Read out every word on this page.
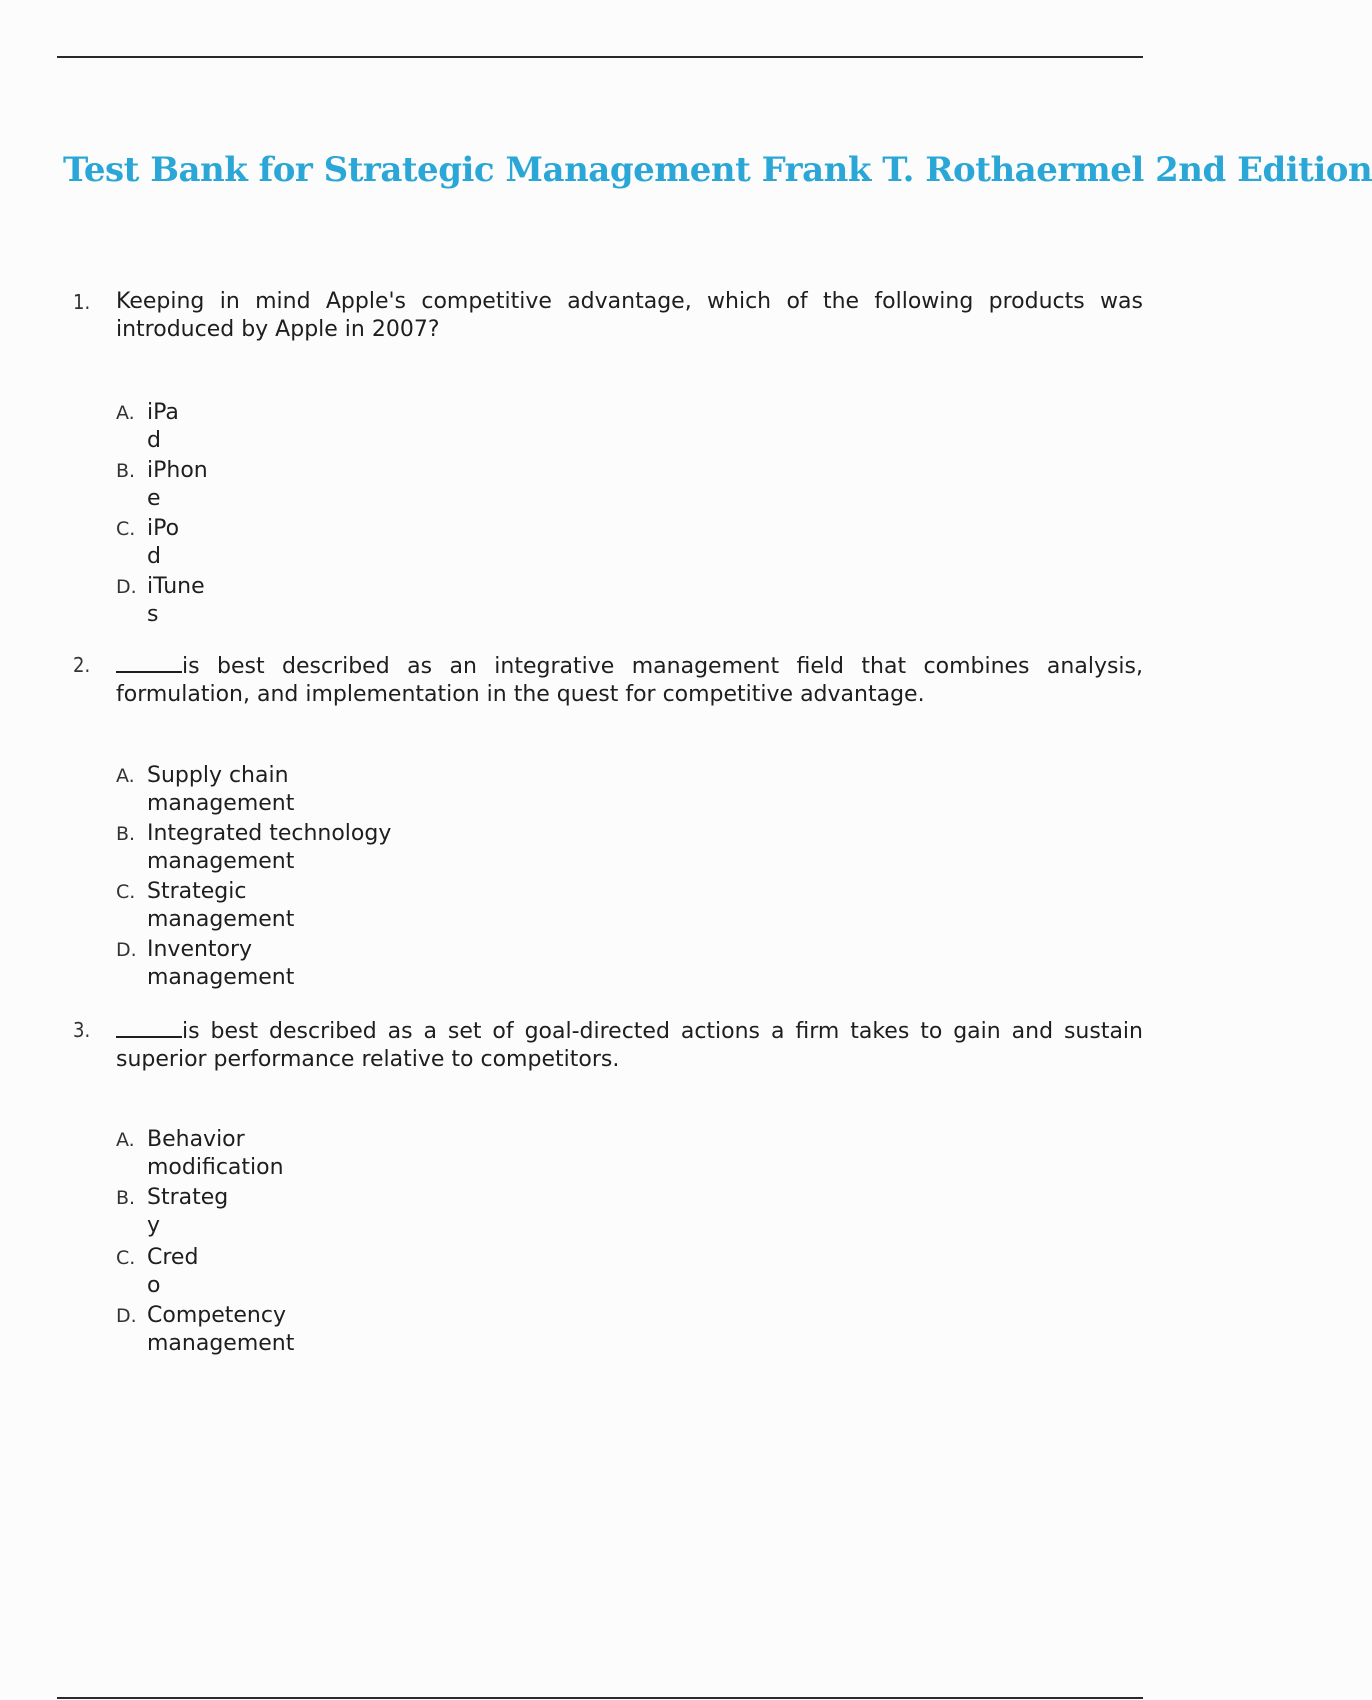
Test Bank for Strategic Management Frank T. Rothaermel 2nd Edition
1. Keeping in mind Apple's competitive advantage, which of the following products was introduced by Apple in 2007?
A. iPad
B. iPhone
C. iPod
D. iTunes
2.	is best described as an integrative management field that combines analysis, formulation, and implementation in the quest for competitive advantage.
A. Supply chain management
B. Integrated technology management
C. Strategic management
D. Inventory management
3.	is best described as a set of goal-directed actions a firm takes to gain and sustain superior performance relative to competitors.
A. Behavior modification
B. Strategy
C. Credo
D. Competency management
